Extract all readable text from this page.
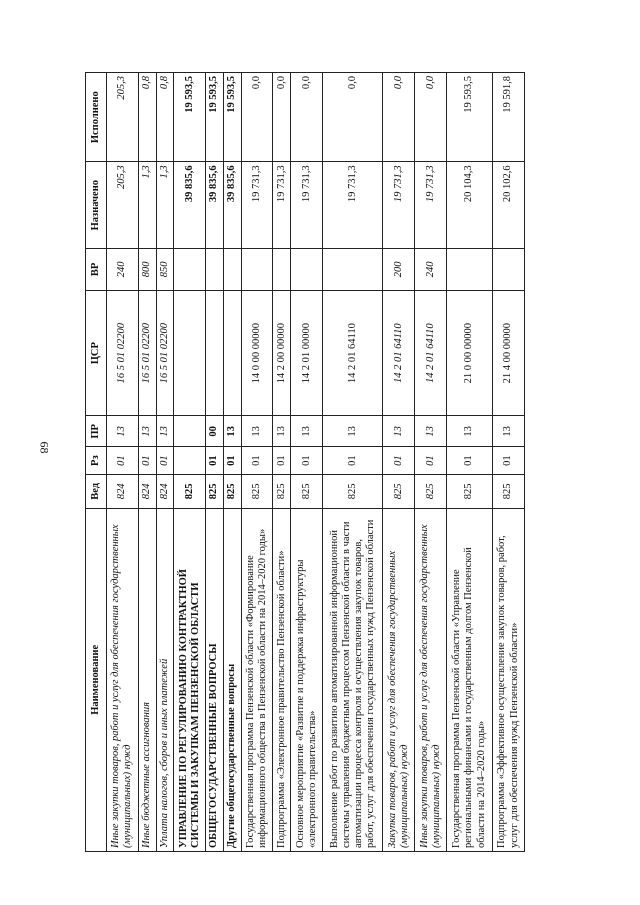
68
Наименование	Вед	Рз	ПР	ЦСР	ВР	Назначено	Исполнено
Иные закупки товаров, работ и услуг для обеспечения государственных (муниципальных) нужд	824	01	13	16 5 01 02200	240	205,3	205,3
Иные бюджетные ассигнования	824	01	13	16 5 01 02200	800	1,3	0,8
Уплата налогов, сборов и иных платежей	824	01	13	16 5 01 02200	850	1,3	0,8
УПРАВЛЕНИЕ ПО РЕГУЛИРОВАНИЮ КОНТРАКТНОЙ СИСТЕМЫ И ЗАКУПКАМ ПЕНЗЕНСКОЙ ОБЛАСТИ	825					39 835,6	19 593,5
ОБЩЕГОСУДАРСТВЕННЫЕ ВОПРОСЫ	825	01	00			39 835,6	19 593,5
Другие общегосударственные вопросы	825	01	13			39 835,6	19 593,5
Государственная программа Пензенской области «Формирование информационного общества в Пензенской области на 2014–2020 годы»	825	01	13	14 0 00 00000		19 731,3	0,0
Подпрограмма «Электронное правительство Пензенской области»	825	01	13	14 2 00 00000		19 731,3	0,0
Основное мероприятие «Развитие и поддержка инфраструктуры «электронного правительства»	825	01	13	14 2 01 00000		19 731,3	0,0
Выполнение работ по развитию автоматизированной информационной системы управления бюджетным процессом Пензенской области в части автоматизации процесса контроля и осуществления закупок товаров, работ, услуг для обеспечения государственных нужд Пензенской области	825	01	13	14 2 01 64110		19 731,3	0,0
Закупка товаров, работ и услуг для обеспечения государственных (муниципальных) нужд	825	01	13	14 2 01 64110	200	19 731,3	0,0
Иные закупки товаров, работ и услуг для обеспечения государственных (муниципальных) нужд	825	01	13	14 2 01 64110	240	19 731,3	0,0
Государственная программа Пензенской области «Управление региональными финансами и государственным долгом Пензенской области на 2014–2020 годы»	825	01	13	21 0 00 00000		20 104,3	19 593,5
Подпрограмма «Эффективное осуществление закупок товаров, работ, услуг для обеспечения нужд Пензенской области»	825	01	13	21 4 00 00000		20 102,6	19 591,8
